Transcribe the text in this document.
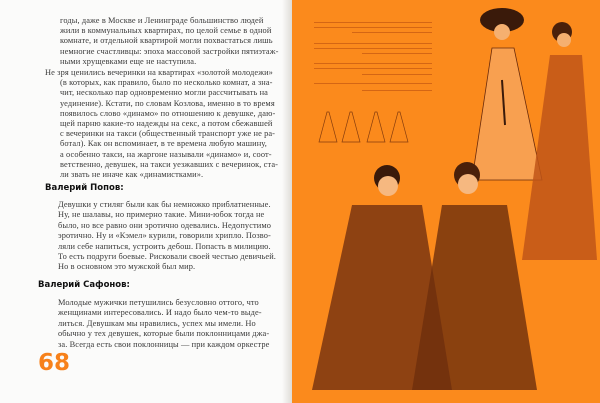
годы, даже в Москве и Ленинграде большинство людей
жили в коммунальных квартирах, по целой семье в одной
комнате, и отдельной квартирой могли похвастаться лишь
немногие счастливцы: эпоха массовой застройки пятиэтаж-
ными хрущевками еще не наступила.
Не зря ценились вечеринки на квартирах «золотой молодежи»
(в которых, как правило, было по несколько комнат, а зна-
чит, несколько пар одновременно могли рассчитывать на
уединение). Кстати, по словам Козлова, именно в то время
появилось слово «динамо» по отношению к девушке, даю-
щей парню какие-то надежды на секс, а потом сбежавшей
с вечеринки на такси (общественный транспорт уже не ра-
ботал). Как он вспоминает, в те времена любую машину,
а особенно такси, на жаргоне называли «динамо» и, соот-
ветственно, девушек, на такси уезжавших с вечеринок, ста-
ли звать не иначе как «динамистками».
Валерий Попов:
Девушки у стиляг были как бы немножко приблатненные.
Ну, не шалавы, но примерно такие. Мини-юбок тогда не
было, но все равно они эротично одевались. Недопустимо
эротично. Ну и «Кэмел» курили, говорили хрипло. Позво-
ляли себе напиться, устроить дебош. Попасть в милицию.
То есть подруги боевые. Рисковали своей честью девичьей.
Но в основном это мужской был мир.
Валерий Сафонов:
Молодые мужички петушились безусловно оттого, что
женщинами интересовались. И надо было чем-то выде-
литься. Девушкам мы нравились, успех мы имели. Но
обычно у тех девушек, которые были поклонницами джа-
за. Всегда есть свои поклонницы — при каждом оркестре
68
